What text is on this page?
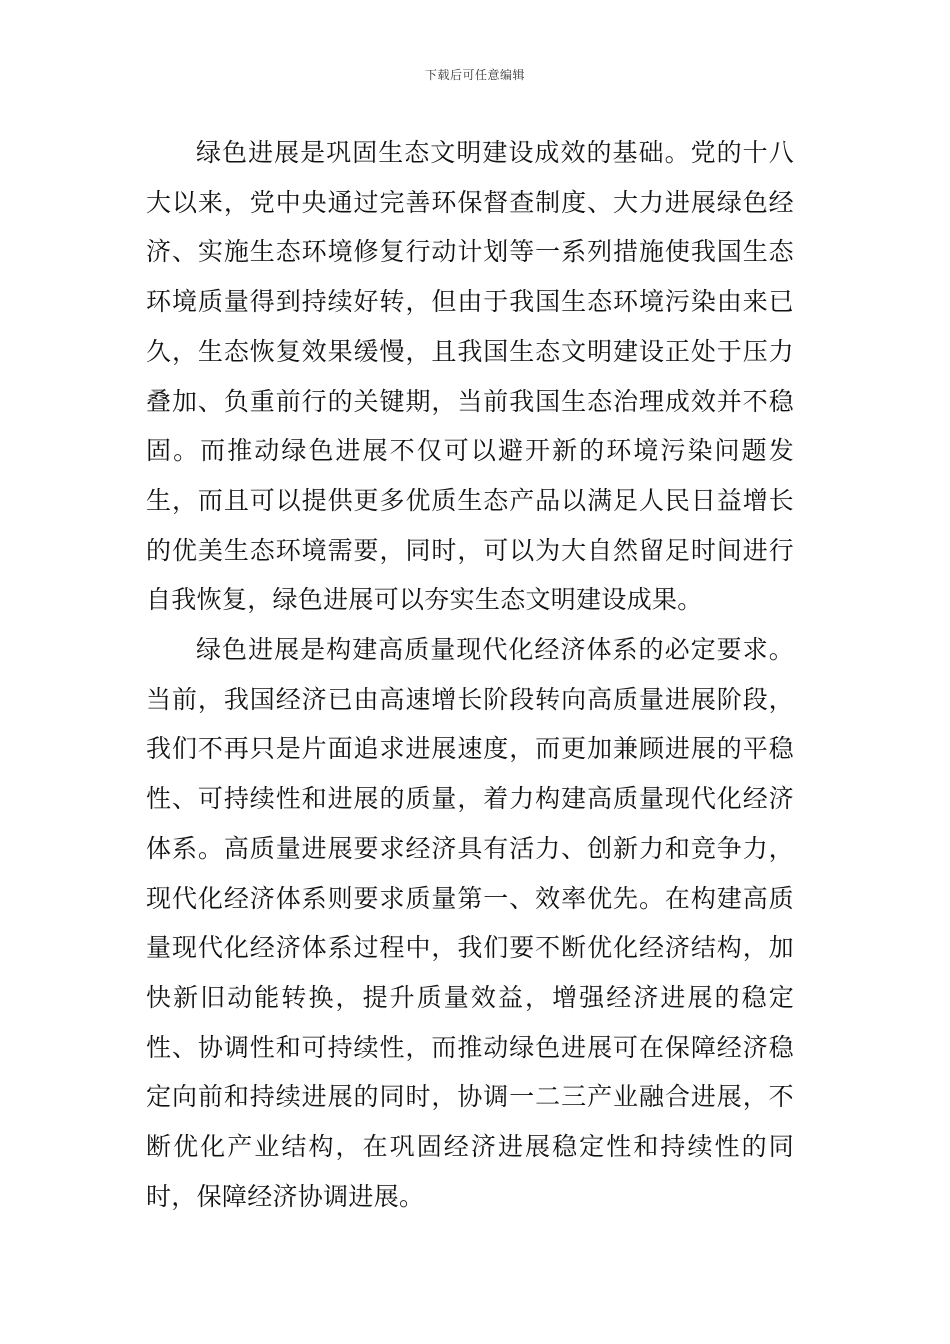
下载后可任意编辑

绿色进展是巩固生态文明建设成效的基础。党的十八大以来，党中央通过完善环保督查制度、大力进展绿色经济、实施生态环境修复行动计划等一系列措施使我国生态环境质量得到持续好转，但由于我国生态环境污染由来已久，生态恢复效果缓慢，且我国生态文明建设正处于压力叠加、负重前行的关键期，当前我国生态治理成效并不稳固。而推动绿色进展不仅可以避开新的环境污染问题发生，而且可以提供更多优质生态产品以满足人民日益增长的优美生态环境需要，同时，可以为大自然留足时间进行自我恢复，绿色进展可以夯实生态文明建设成果。

绿色进展是构建高质量现代化经济体系的必定要求。当前，我国经济已由高速增长阶段转向高质量进展阶段，我们不再只是片面追求进展速度，而更加兼顾进展的平稳性、可持续性和进展的质量，着力构建高质量现代化经济体系。高质量进展要求经济具有活力、创新力和竞争力，现代化经济体系则要求质量第一、效率优先。在构建高质量现代化经济体系过程中，我们要不断优化经济结构，加快新旧动能转换，提升质量效益，增强经济进展的稳定性、协调性和可持续性，而推动绿色进展可在保障经济稳定向前和持续进展的同时，协调一二三产业融合进展，不断优化产业结构，在巩固经济进展稳定性和持续性的同时，保障经济协调进展。
